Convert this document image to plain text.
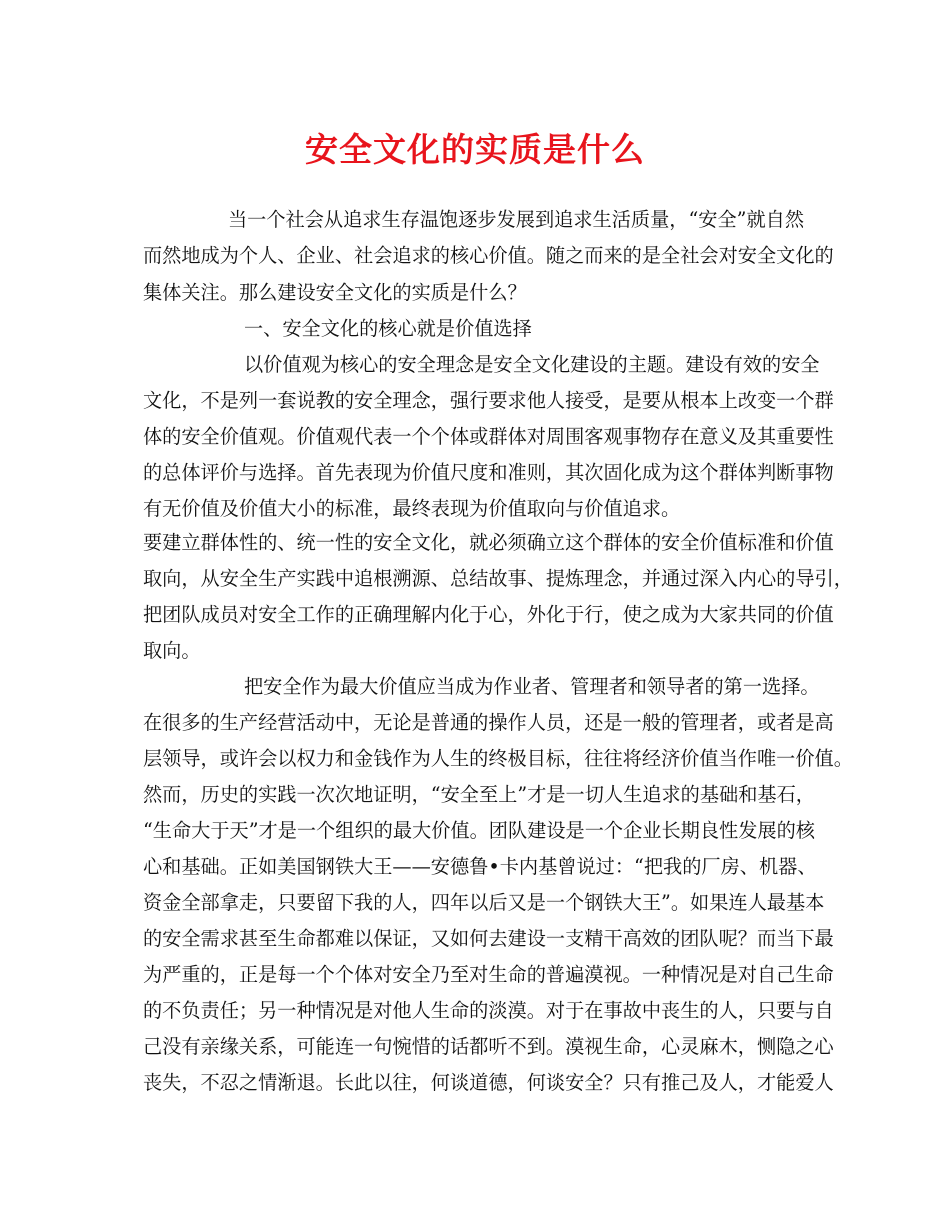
安全文化的实质是什么

当一个社会从追求生存温饱逐步发展到追求生活质量，“安全”就自然

而然地成为个人、企业、社会追求的核心价值。随之而来的是全社会对安全文化的

集体关注。那么建设安全文化的实质是什么？

一、安全文化的核心就是价值选择

以价值观为核心的安全理念是安全文化建设的主题。建设有效的安全

文化，不是列一套说教的安全理念，强行要求他人接受，是要从根本上改变一个群

体的安全价值观。价值观代表一个个体或群体对周围客观事物存在意义及其重要性

的总体评价与选择。首先表现为价值尺度和准则，其次固化成为这个群体判断事物

有无价值及价值大小的标准，最终表现为价值取向与价值追求。

要建立群体性的、统一性的安全文化，就必须确立这个群体的安全价值标准和价值

取向，从安全生产实践中追根溯源、总结故事、提炼理念，并通过深入内心的导引，

把团队成员对安全工作的正确理解内化于心，外化于行，使之成为大家共同的价值

取向。

把安全作为最大价值应当成为作业者、管理者和领导者的第一选择。

在很多的生产经营活动中，无论是普通的操作人员，还是一般的管理者，或者是高

层领导，或许会以权力和金钱作为人生的终极目标，往往将经济价值当作唯一价值。

然而，历史的实践一次次地证明，“安全至上”才是一切人生追求的基础和基石，

“生命大于天”才是一个组织的最大价值。团队建设是一个企业长期良性发展的核

心和基础。正如美国钢铁大王——安德鲁•卡内基曾说过：“把我的厂房、机器、

资金全部拿走，只要留下我的人，四年以后又是一个钢铁大王”。如果连人最基本

的安全需求甚至生命都难以保证，又如何去建设一支精干高效的团队呢？而当下最

为严重的，正是每一个个体对安全乃至对生命的普遍漠视。一种情况是对自己生命

的不负责任；另一种情况是对他人生命的淡漠。对于在事故中丧生的人，只要与自

己没有亲缘关系，可能连一句惋惜的话都听不到。漠视生命，心灵麻木，恻隐之心

丧失，不忍之情渐退。长此以往，何谈道德，何谈安全？只有推己及人，才能爱人
